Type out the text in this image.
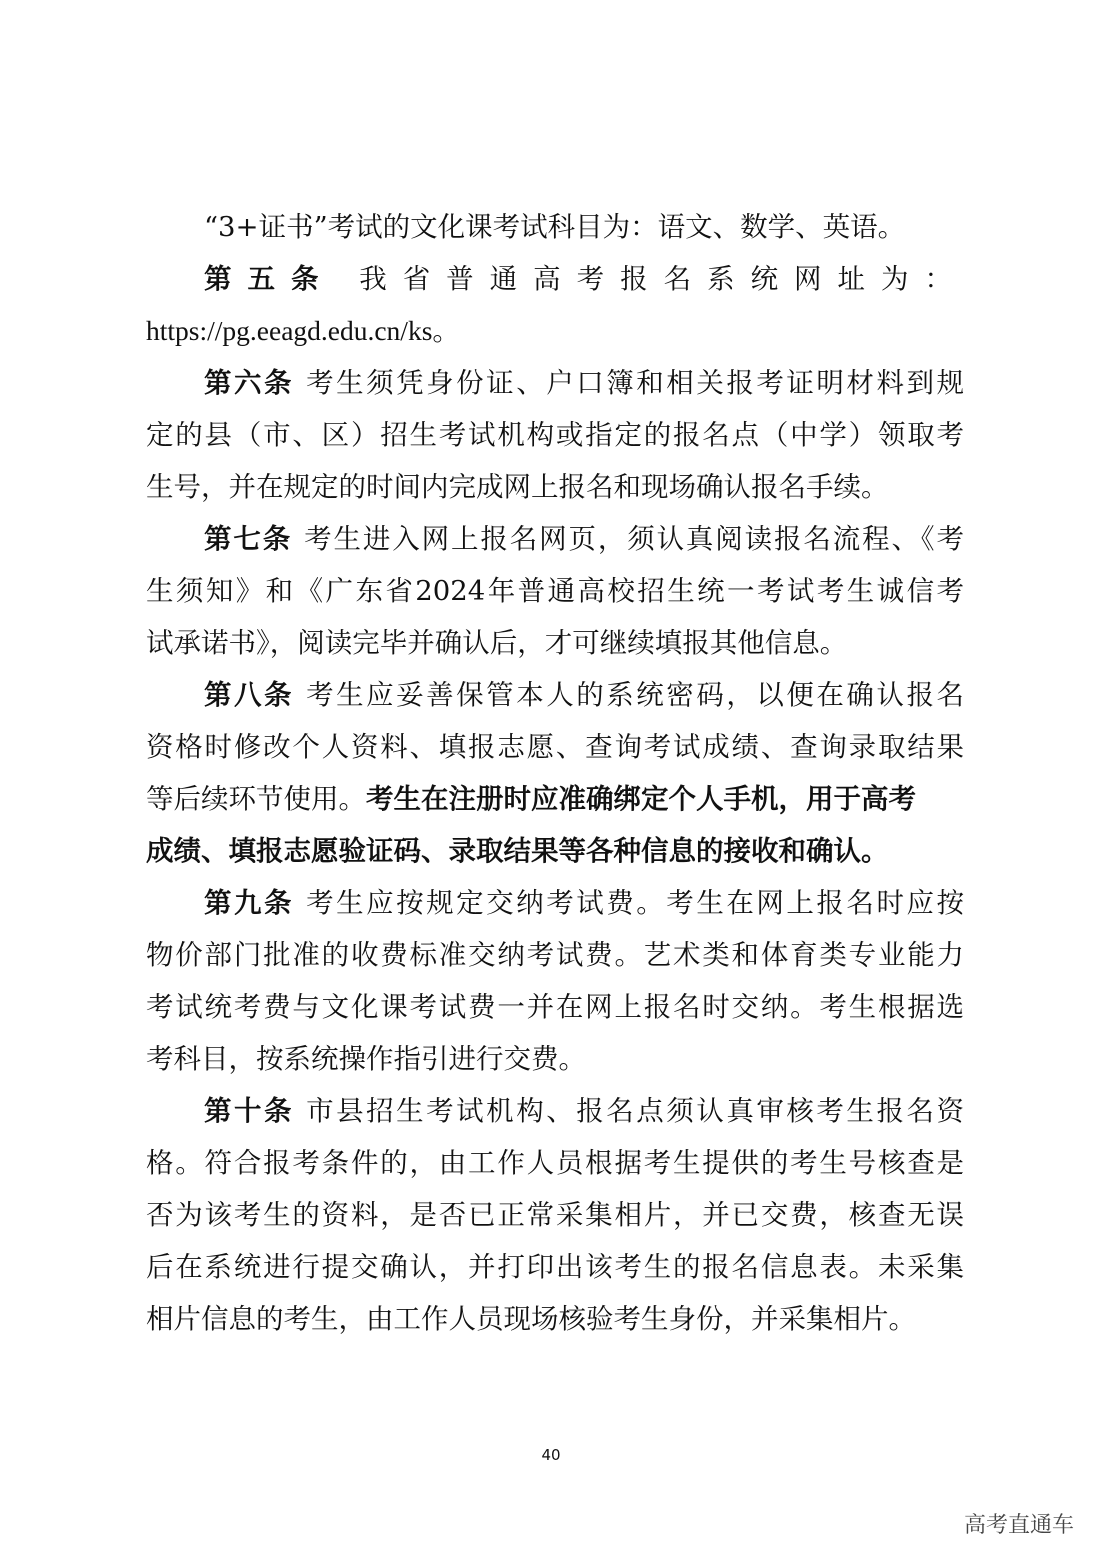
“3+证书”考试的文化课考试科目为：语文、数学、英语。
第五条 我省普通高考报名系统网址为：
https://pg.eeagd.edu.cn/ks。
第六条 考生须凭身份证、户口簿和相关报考证明材料到规
定的县（市、区）招生考试机构或指定的报名点（中学）领取考
生号，并在规定的时间内完成网上报名和现场确认报名手续。
第七条 考生进入网上报名网页，须认真阅读报名流程、《考
生须知》和《广东省2024年普通高校招生统一考试考生诚信考
试承诺书》，阅读完毕并确认后，才可继续填报其他信息。
第八条 考生应妥善保管本人的系统密码，以便在确认报名
资格时修改个人资料、填报志愿、查询考试成绩、查询录取结果
等后续环节使用。考生在注册时应准确绑定个人手机，用于高考
成绩、填报志愿验证码、录取结果等各种信息的接收和确认。
第九条 考生应按规定交纳考试费。考生在网上报名时应按
物价部门批准的收费标准交纳考试费。艺术类和体育类专业能力
考试统考费与文化课考试费一并在网上报名时交纳。考生根据选
考科目，按系统操作指引进行交费。
第十条 市县招生考试机构、报名点须认真审核考生报名资
格。符合报考条件的，由工作人员根据考生提供的考生号核查是
否为该考生的资料，是否已正常采集相片，并已交费，核查无误
后在系统进行提交确认，并打印出该考生的报名信息表。未采集
相片信息的考生，由工作人员现场核验考生身份，并采集相片。
40
高考直通车
